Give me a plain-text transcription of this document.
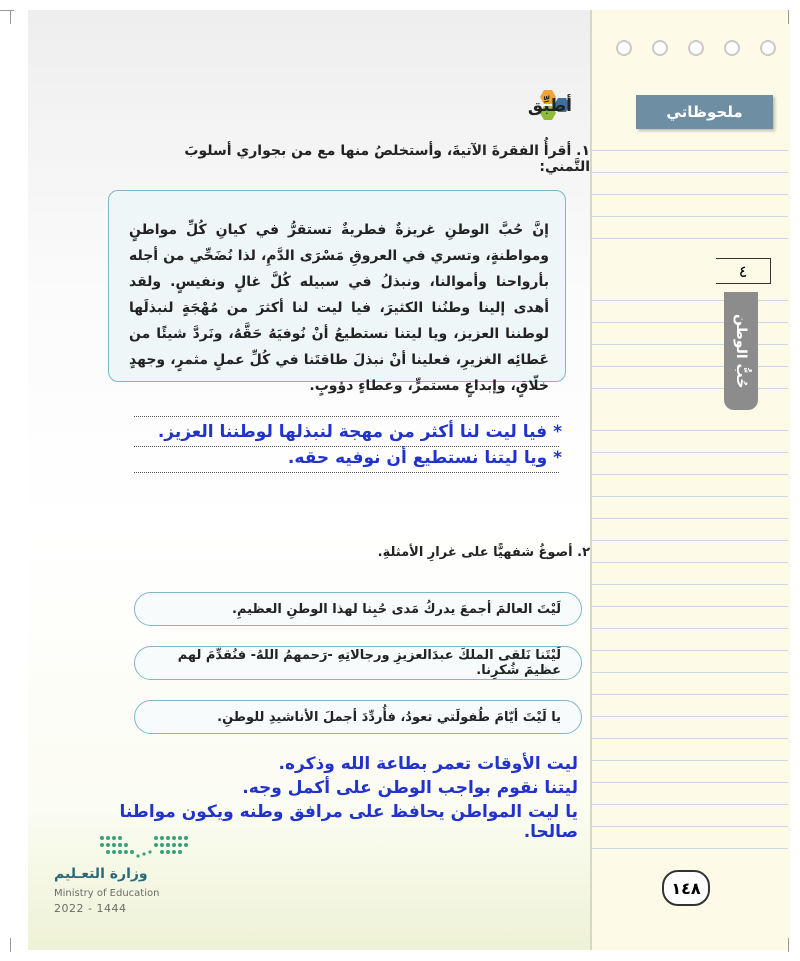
ملحوظاتي
٤
حُبُّ الوطن
أطبِّق
١. أقرأُ الفقرةَ الآتيةَ، وأستخلصُ منها مع من بجواري أسلوبَ التَّمني:
إنَّ حُبَّ الوطنِ غريزةٌ فطريةٌ تستقرُّ في كيانِ كُلِّ مواطنٍ ومواطنةٍ، وتسري في العروقِ مَسْرَى الدَّمِ، لذا نُضَحِّي من أجله بأرواحنا وأموالنا، ونبذلُ في سبيله كُلَّ غالٍ ونفيسٍ. ولقد أهدى إلينا وطنُنا الكثيرَ، فيا ليت لنا أكثرَ من مُهْجَةٍ لنبذلَها لوطننا العزيز، ويا ليتنا نستطيعُ أنْ نُوفيَهُ حَقَّهُ، ونَردَّ شيئًا من عَطائِه الغزيرِ، فعلينا أنْ نبذلَ طاقتَنا في كُلِّ عملٍ مثمرٍ، وجهدٍ خلّاقٍ، وإبداعٍ مستمرٍّ، وعطاءٍ دؤوبٍ.
* فيا ليت لنا أكثر من مهجة لنبذلها لوطننا العزيز.
* ويا ليتنا نستطيع أن نوفيه حقه.
٢. أصوغُ شفهيًّا على غرارِ الأمثلةِ.
لَيْتَ العالمَ أجمعَ يدركُ مَدى حُبِنا لهذا الوطنِ العظيمِ.
لَيْتَنا نَلقى الملكَ عبدَالعزيزِ ورجالاتِهِ -رَحمهمُ اللهُ- فنُقدِّمَ لهم عظيمَ شُكرِنا.
يا لَيْتَ أيّامَ طُفولَتي تعودُ، فأُردِّدَ أجملَ الأناشيدِ للوطنِ.
ليت الأوقات تعمر بطاعة الله وذكره.
ليتنا نقوم بواجب الوطن على أكمل وجه.
يا ليت المواطن يحافظ على مرافق وطنه ويكون مواطنا صالحا.
وزارة التعـليم
Ministry of Education
2022 - 1444
١٤٨
